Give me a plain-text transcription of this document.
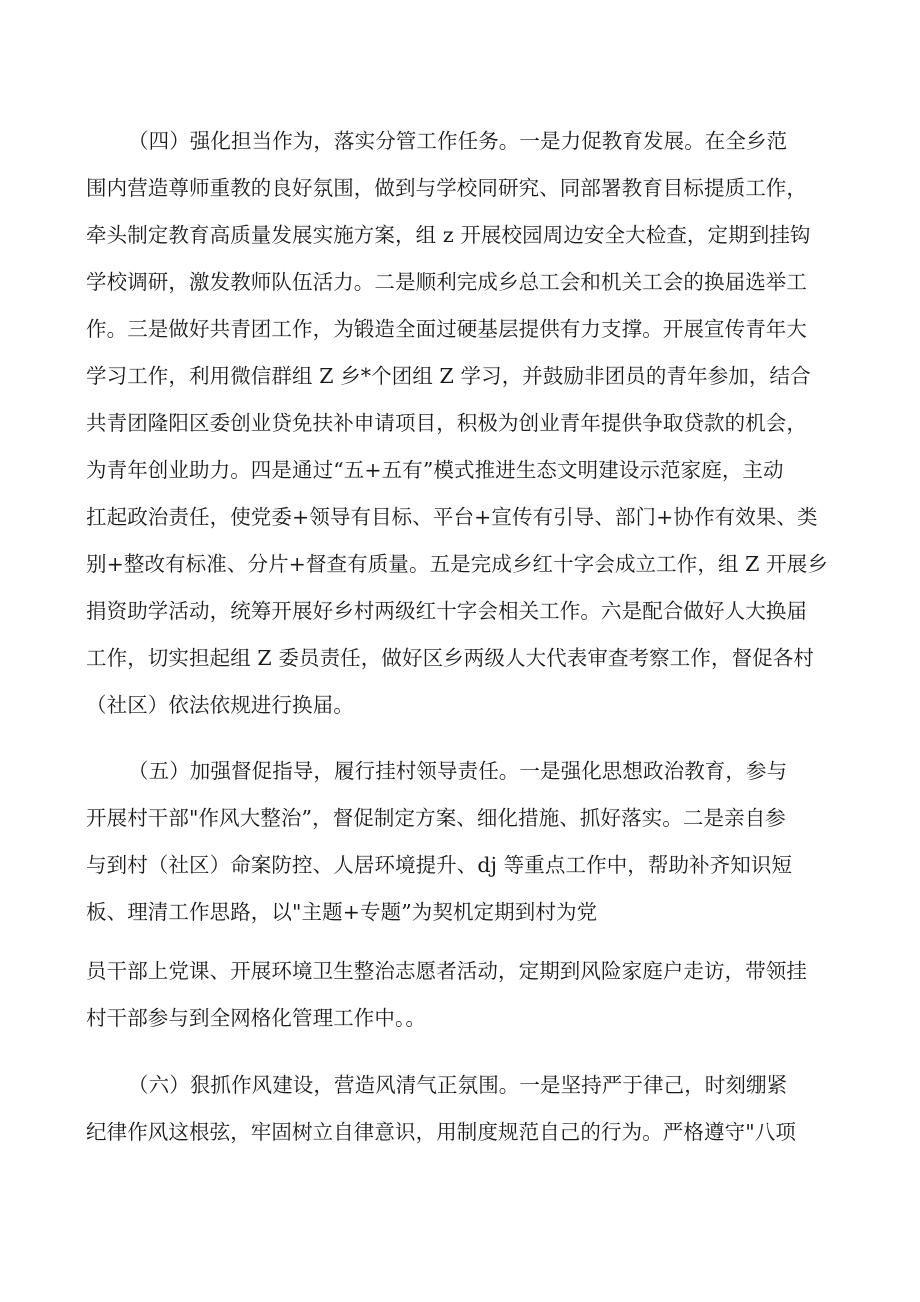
（四）强化担当作为，落实分管工作任务。一是力促教育发展。在全乡范
围内营造尊师重教的良好氛围，做到与学校同研究、同部署教育目标提质工作，
牵头制定教育高质量发展实施方案，组 z 开展校园周边安全大检查，定期到挂钩
学校调研，激发教师队伍活力。二是顺利完成乡总工会和机关工会的换届选举工
作。三是做好共青团工作，为锻造全面过硬基层提供有力支撑。开展宣传青年大
学习工作，利用微信群组 Z 乡*个团组 Z 学习，并鼓励非团员的青年参加，结合
共青团隆阳区委创业贷免扶补申请项目，积极为创业青年提供争取贷款的机会，
为青年创业助力。四是通过“五+五有”模式推进生态文明建设示范家庭，主动
扛起政治责任，使党委+领导有目标、平台+宣传有引导、部门+协作有效果、类
别+整改有标准、分片+督查有质量。五是完成乡红十字会成立工作，组 Z 开展乡
捐资助学活动，统筹开展好乡村两级红十字会相关工作。六是配合做好人大换届
工作，切实担起组 Z 委员责任，做好区乡两级人大代表审查考察工作，督促各村
（社区）依法依规进行换届。
（五）加强督促指导，履行挂村领导责任。一是强化思想政治教育，参与
开展村干部"作风大整治”，督促制定方案、细化措施、抓好落实。二是亲自参
与到村（社区）命案防控、人居环境提升、dj 等重点工作中，帮助补齐知识短
板、理清工作思路，以"主题+专题”为契机定期到村为党
员干部上党课、开展环境卫生整治志愿者活动，定期到风险家庭户走访，带领挂
村干部参与到全网格化管理工作中。。
（六）狠抓作风建设，营造风清气正氛围。一是坚持严于律己，时刻绷紧
纪律作风这根弦，牢固树立自律意识，用制度规范自己的行为。严格遵守"八项
